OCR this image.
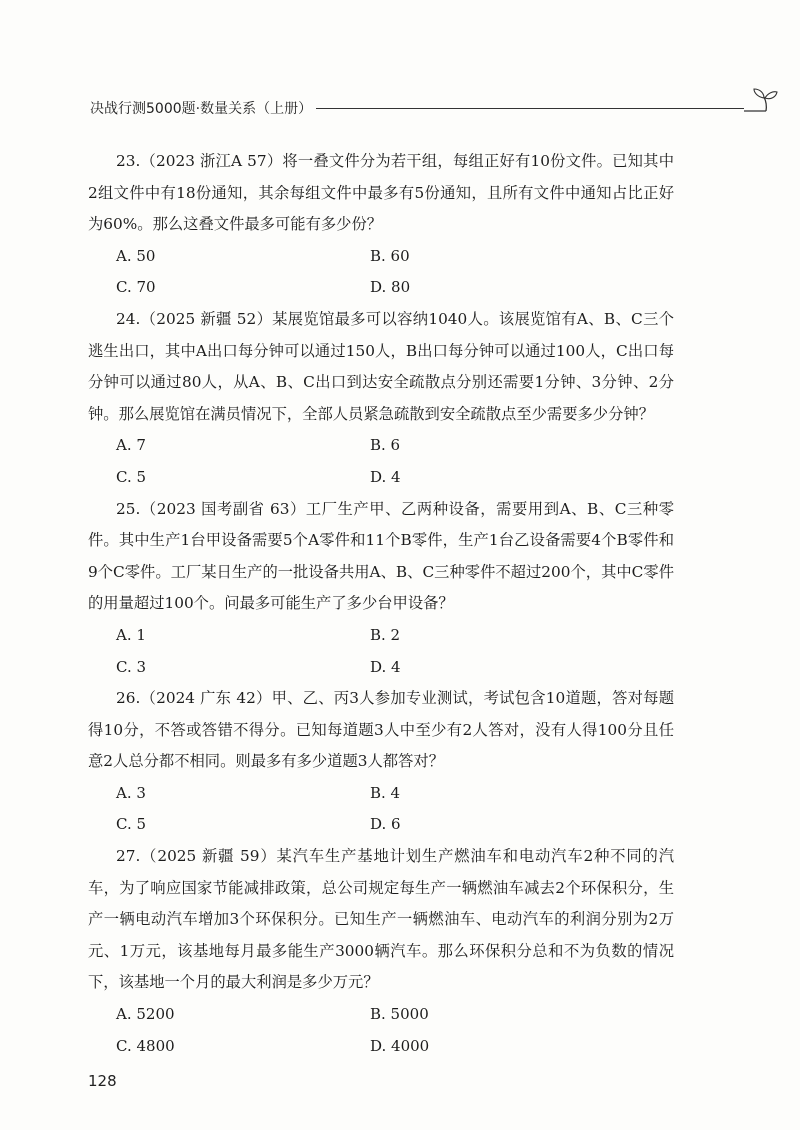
决战行测5000题·数量关系（上册）

23.（2023 浙江A 57）将一叠文件分为若干组，每组正好有10份文件。已知其中2组文件中有18份通知，其余每组文件中最多有5份通知，且所有文件中通知占比正好为60%。那么这叠文件最多可能有多少份？

A. 50	B. 60
C. 70	D. 80

24.（2025 新疆 52）某展览馆最多可以容纳1040人。该展览馆有A、B、C三个逃生出口，其中A出口每分钟可以通过150人，B出口每分钟可以通过100人，C出口每分钟可以通过80人，从A、B、C出口到达安全疏散点分别还需要1分钟、3分钟、2分钟。那么展览馆在满员情况下，全部人员紧急疏散到安全疏散点至少需要多少分钟？

A. 7	B. 6
C. 5	D. 4

25.（2023 国考副省 63）工厂生产甲、乙两种设备，需要用到A、B、C三种零件。其中生产1台甲设备需要5个A零件和11个B零件，生产1台乙设备需要4个B零件和9个C零件。工厂某日生产的一批设备共用A、B、C三种零件不超过200个，其中C零件的用量超过100个。问最多可能生产了多少台甲设备？

A. 1	B. 2
C. 3	D. 4

26.（2024 广东 42）甲、乙、丙3人参加专业测试，考试包含10道题，答对每题得10分，不答或答错不得分。已知每道题3人中至少有2人答对，没有人得100分且任意2人总分都不相同。则最多有多少道题3人都答对？

A. 3	B. 4
C. 5	D. 6

27.（2025 新疆 59）某汽车生产基地计划生产燃油车和电动汽车2种不同的汽车，为了响应国家节能减排政策，总公司规定每生产一辆燃油车减去2个环保积分，生产一辆电动汽车增加3个环保积分。已知生产一辆燃油车、电动汽车的利润分别为2万元、1万元，该基地每月最多能生产3000辆汽车。那么环保积分总和不为负数的情况下，该基地一个月的最大利润是多少万元？

A. 5200	B. 5000
C. 4800	D. 4000
128
